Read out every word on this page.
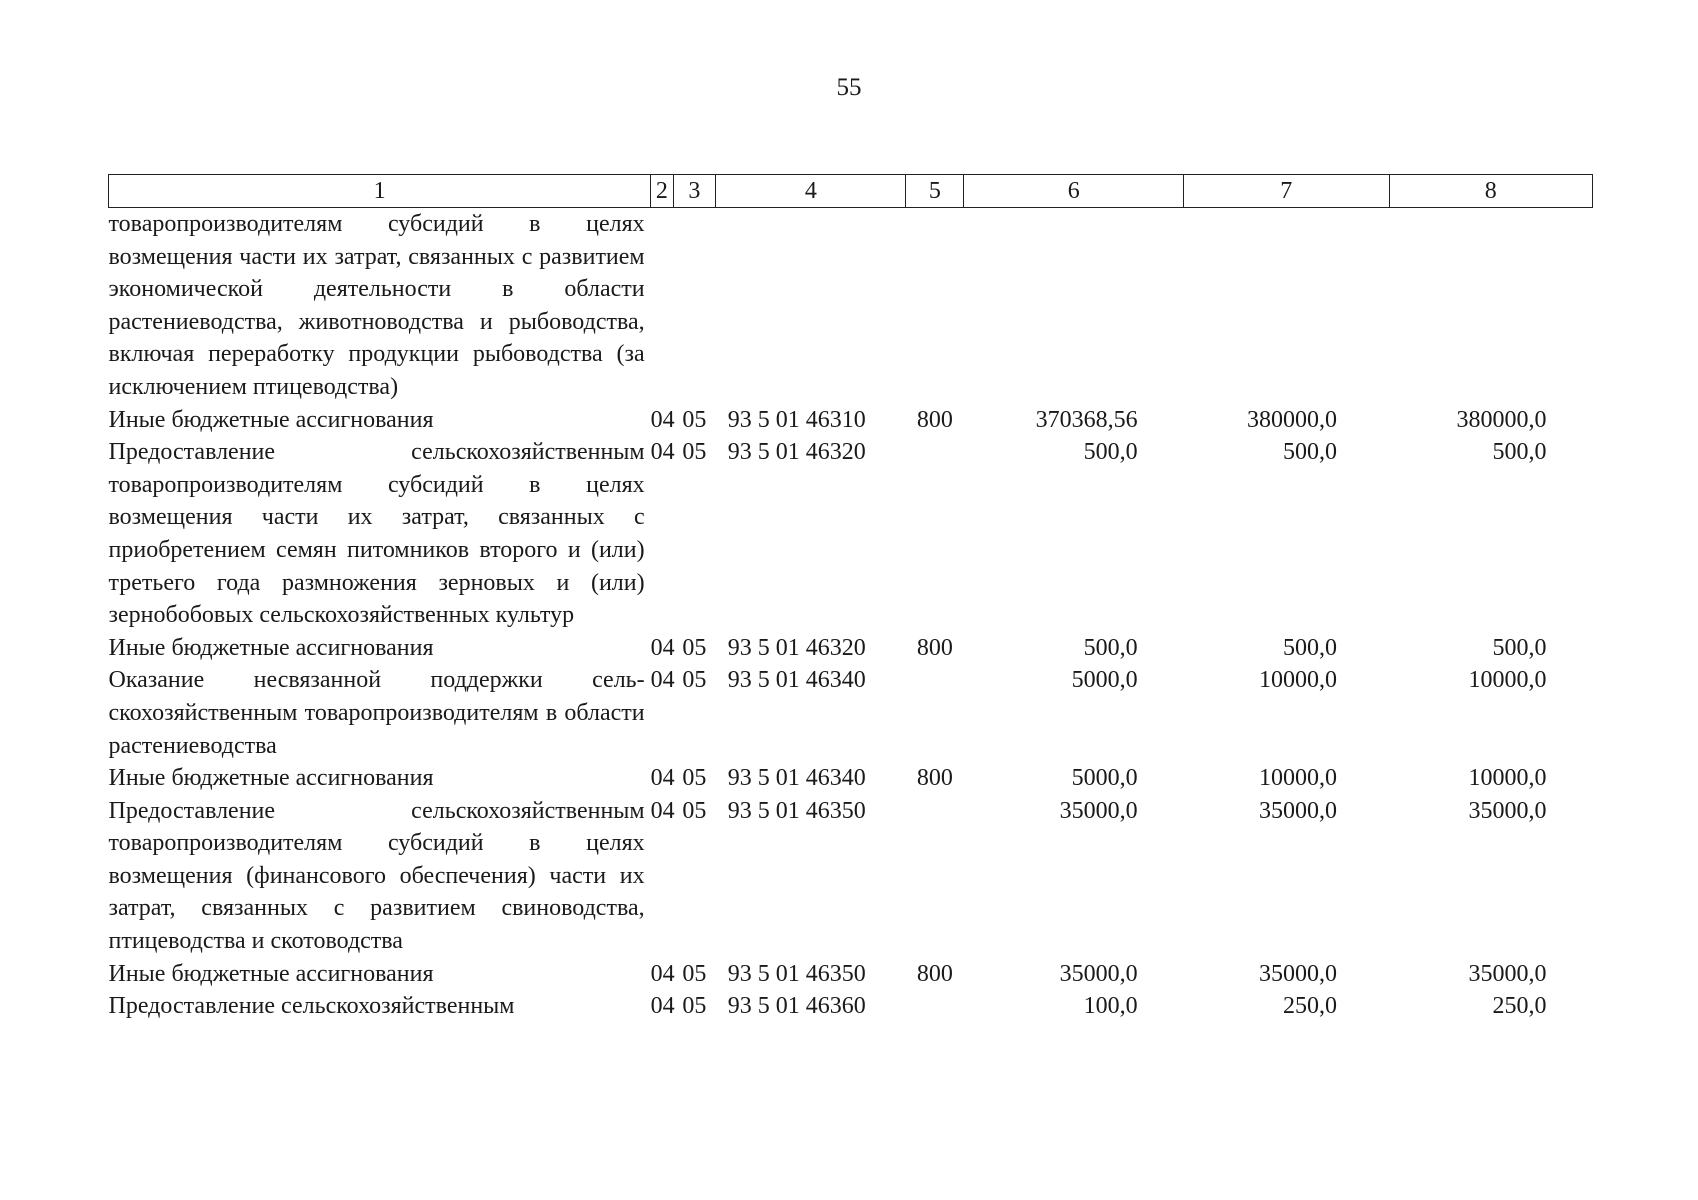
55
1	2	3	4	5	6	7	8
товаропроизводителям субсидий в целях возмещения части их затрат, связанных с развитием экономической деятельности в области растениеводства, животноводства и рыбоводства, включая переработку продукции рыбоводства (за исключением птицеводства)							
Иные бюджетные ассигнования	04	05	93 5 01 46310	800	370368,56	380000,0	380000,0
Предоставление сельскохозяйственным товаропроизводителям субсидий в целях возмещения части их затрат, связанных с приобретением семян питомников второго и (или) третьего года размножения зерновых и (или) зернобобовых сельскохозяйственных культур	04	05	93 5 01 46320		500,0	500,0	500,0
Иные бюджетные ассигнования	04	05	93 5 01 46320	800	500,0	500,0	500,0
Оказание несвязанной поддержки сельскохозяйственным товаропроизводителям в области растениеводства	04	05	93 5 01 46340		5000,0	10000,0	10000,0
Иные бюджетные ассигнования	04	05	93 5 01 46340	800	5000,0	10000,0	10000,0
Предоставление сельскохозяйственным товаропроизводителям субсидий в целях возмещения (финансового обеспечения) части их затрат, связанных с развитием свиноводства, птицеводства и скотоводства	04	05	93 5 01 46350		35000,0	35000,0	35000,0
Иные бюджетные ассигнования	04	05	93 5 01 46350	800	35000,0	35000,0	35000,0
Предоставление сельскохозяйственным	04	05	93 5 01 46360		100,0	250,0	250,0
